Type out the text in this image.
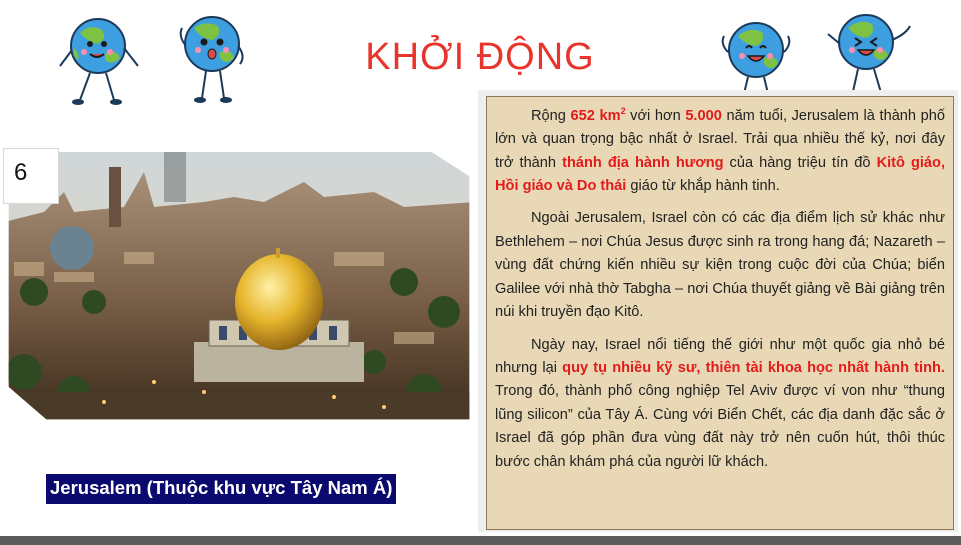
KHỞI ĐỘNG
6
Jerusalem (Thuộc khu vực Tây Nam Á)

Rộng 652 $km^2$ với hơn 5.000 năm tuổi, Jerusalem là thành phố lớn và quan trọng bậc nhất ở Israel. Trải qua nhiều thế kỷ, nơi đây trở thành thánh địa hành hương của hàng triệu tín đồ Kitô giáo, Hồi giáo và Do thái giáo từ khắp hành tinh.

Ngoài Jerusalem, Israel còn có các địa điểm lịch sử khác như Bethlehem – nơi Chúa Jesus được sinh ra trong hang đá; Nazareth – vùng đất chứng kiến nhiều sự kiện trong cuộc đời của Chúa; biển Galilee với nhà thờ Tabgha – nơi Chúa thuyết giảng về Bài giảng trên núi khi truyền đạo Kitô.

Ngày nay, Israel nổi tiếng thế giới như một quốc gia nhỏ bé nhưng lại quy tụ nhiều kỹ sư, thiên tài khoa học nhất hành tinh. Trong đó, thành phố công nghiệp Tel Aviv được ví von như “thung lũng silicon” của Tây Á. Cùng với Biển Chết, các địa danh đặc sắc ở Israel đã góp phần đưa vùng đất này trở nên cuốn hút, thôi thúc bước chân khám phá của người lữ khách.
